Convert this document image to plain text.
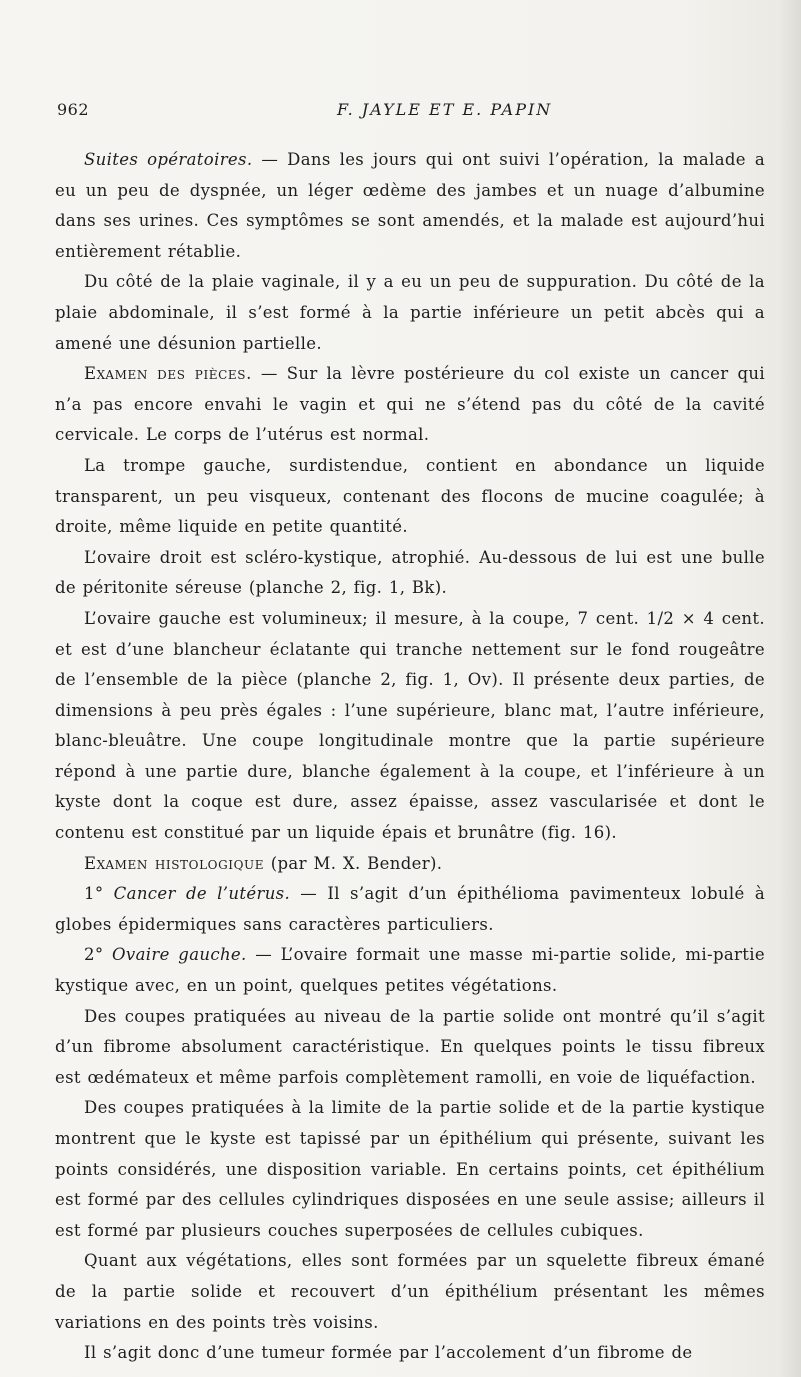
962	F. JAYLE ET E. PAPIN

Suites opératoires. — Dans les jours qui ont suivi l’opération, la malade a eu un peu de dyspnée, un léger œdème des jambes et un nuage d’albumine dans ses urines. Ces symptômes se sont amendés, et la malade est aujourd’hui entièrement rétablie.

Du côté de la plaie vaginale, il y a eu un peu de suppuration. Du côté de la plaie abdominale, il s’est formé à la partie inférieure un petit abcès qui a amené une désunion partielle.

Examen des pièces. — Sur la lèvre postérieure du col existe un cancer qui n’a pas encore envahi le vagin et qui ne s’étend pas du côté de la cavité cervicale. Le corps de l’utérus est normal.

La trompe gauche, surdistendue, contient en abondance un liquide transparent, un peu visqueux, contenant des flocons de mucine coagulée; à droite, même liquide en petite quantité.

L’ovaire droit est scléro-kystique, atrophié. Au-dessous de lui est une bulle de péritonite séreuse (planche 2, fig. 1, Bk).

L’ovaire gauche est volumineux; il mesure, à la coupe, 7 cent. 1/2 × 4 cent. et est d’une blancheur éclatante qui tranche nettement sur le fond rougeâtre de l’ensemble de la pièce (planche 2, fig. 1, Ov). Il présente deux parties, de dimensions à peu près égales : l’une supérieure, blanc mat, l’autre inférieure, blanc-bleuâtre. Une coupe longitudinale montre que la partie supérieure répond à une partie dure, blanche également à la coupe, et l’inférieure à un kyste dont la coque est dure, assez épaisse, assez vascularisée et dont le contenu est constitué par un liquide épais et brunâtre (fig. 16).

Examen histologique (par M. X. Bender).

1° Cancer de l’utérus. — Il s’agit d’un épithélioma pavimenteux lobulé à globes épidermiques sans caractères particuliers.

2° Ovaire gauche. — L’ovaire formait une masse mi-partie solide, mi-partie kystique avec, en un point, quelques petites végétations.

Des coupes pratiquées au niveau de la partie solide ont montré qu’il s’agit d’un fibrome absolument caractéristique. En quelques points le tissu fibreux est œdémateux et même parfois complètement ramolli, en voie de liquéfaction.

Des coupes pratiquées à la limite de la partie solide et de la partie kystique montrent que le kyste est tapissé par un épithélium qui présente, suivant les points considérés, une disposition variable. En certains points, cet épithélium est formé par des cellules cylindriques disposées en une seule assise; ailleurs il est formé par plusieurs couches superposées de cellules cubiques.

Quant aux végétations, elles sont formées par un squelette fibreux émané de la partie solide et recouvert d’un épithélium présentant les mêmes variations en des points très voisins.

Il s’agit donc d’une tumeur formée par l’accolement d’un fibrome de
